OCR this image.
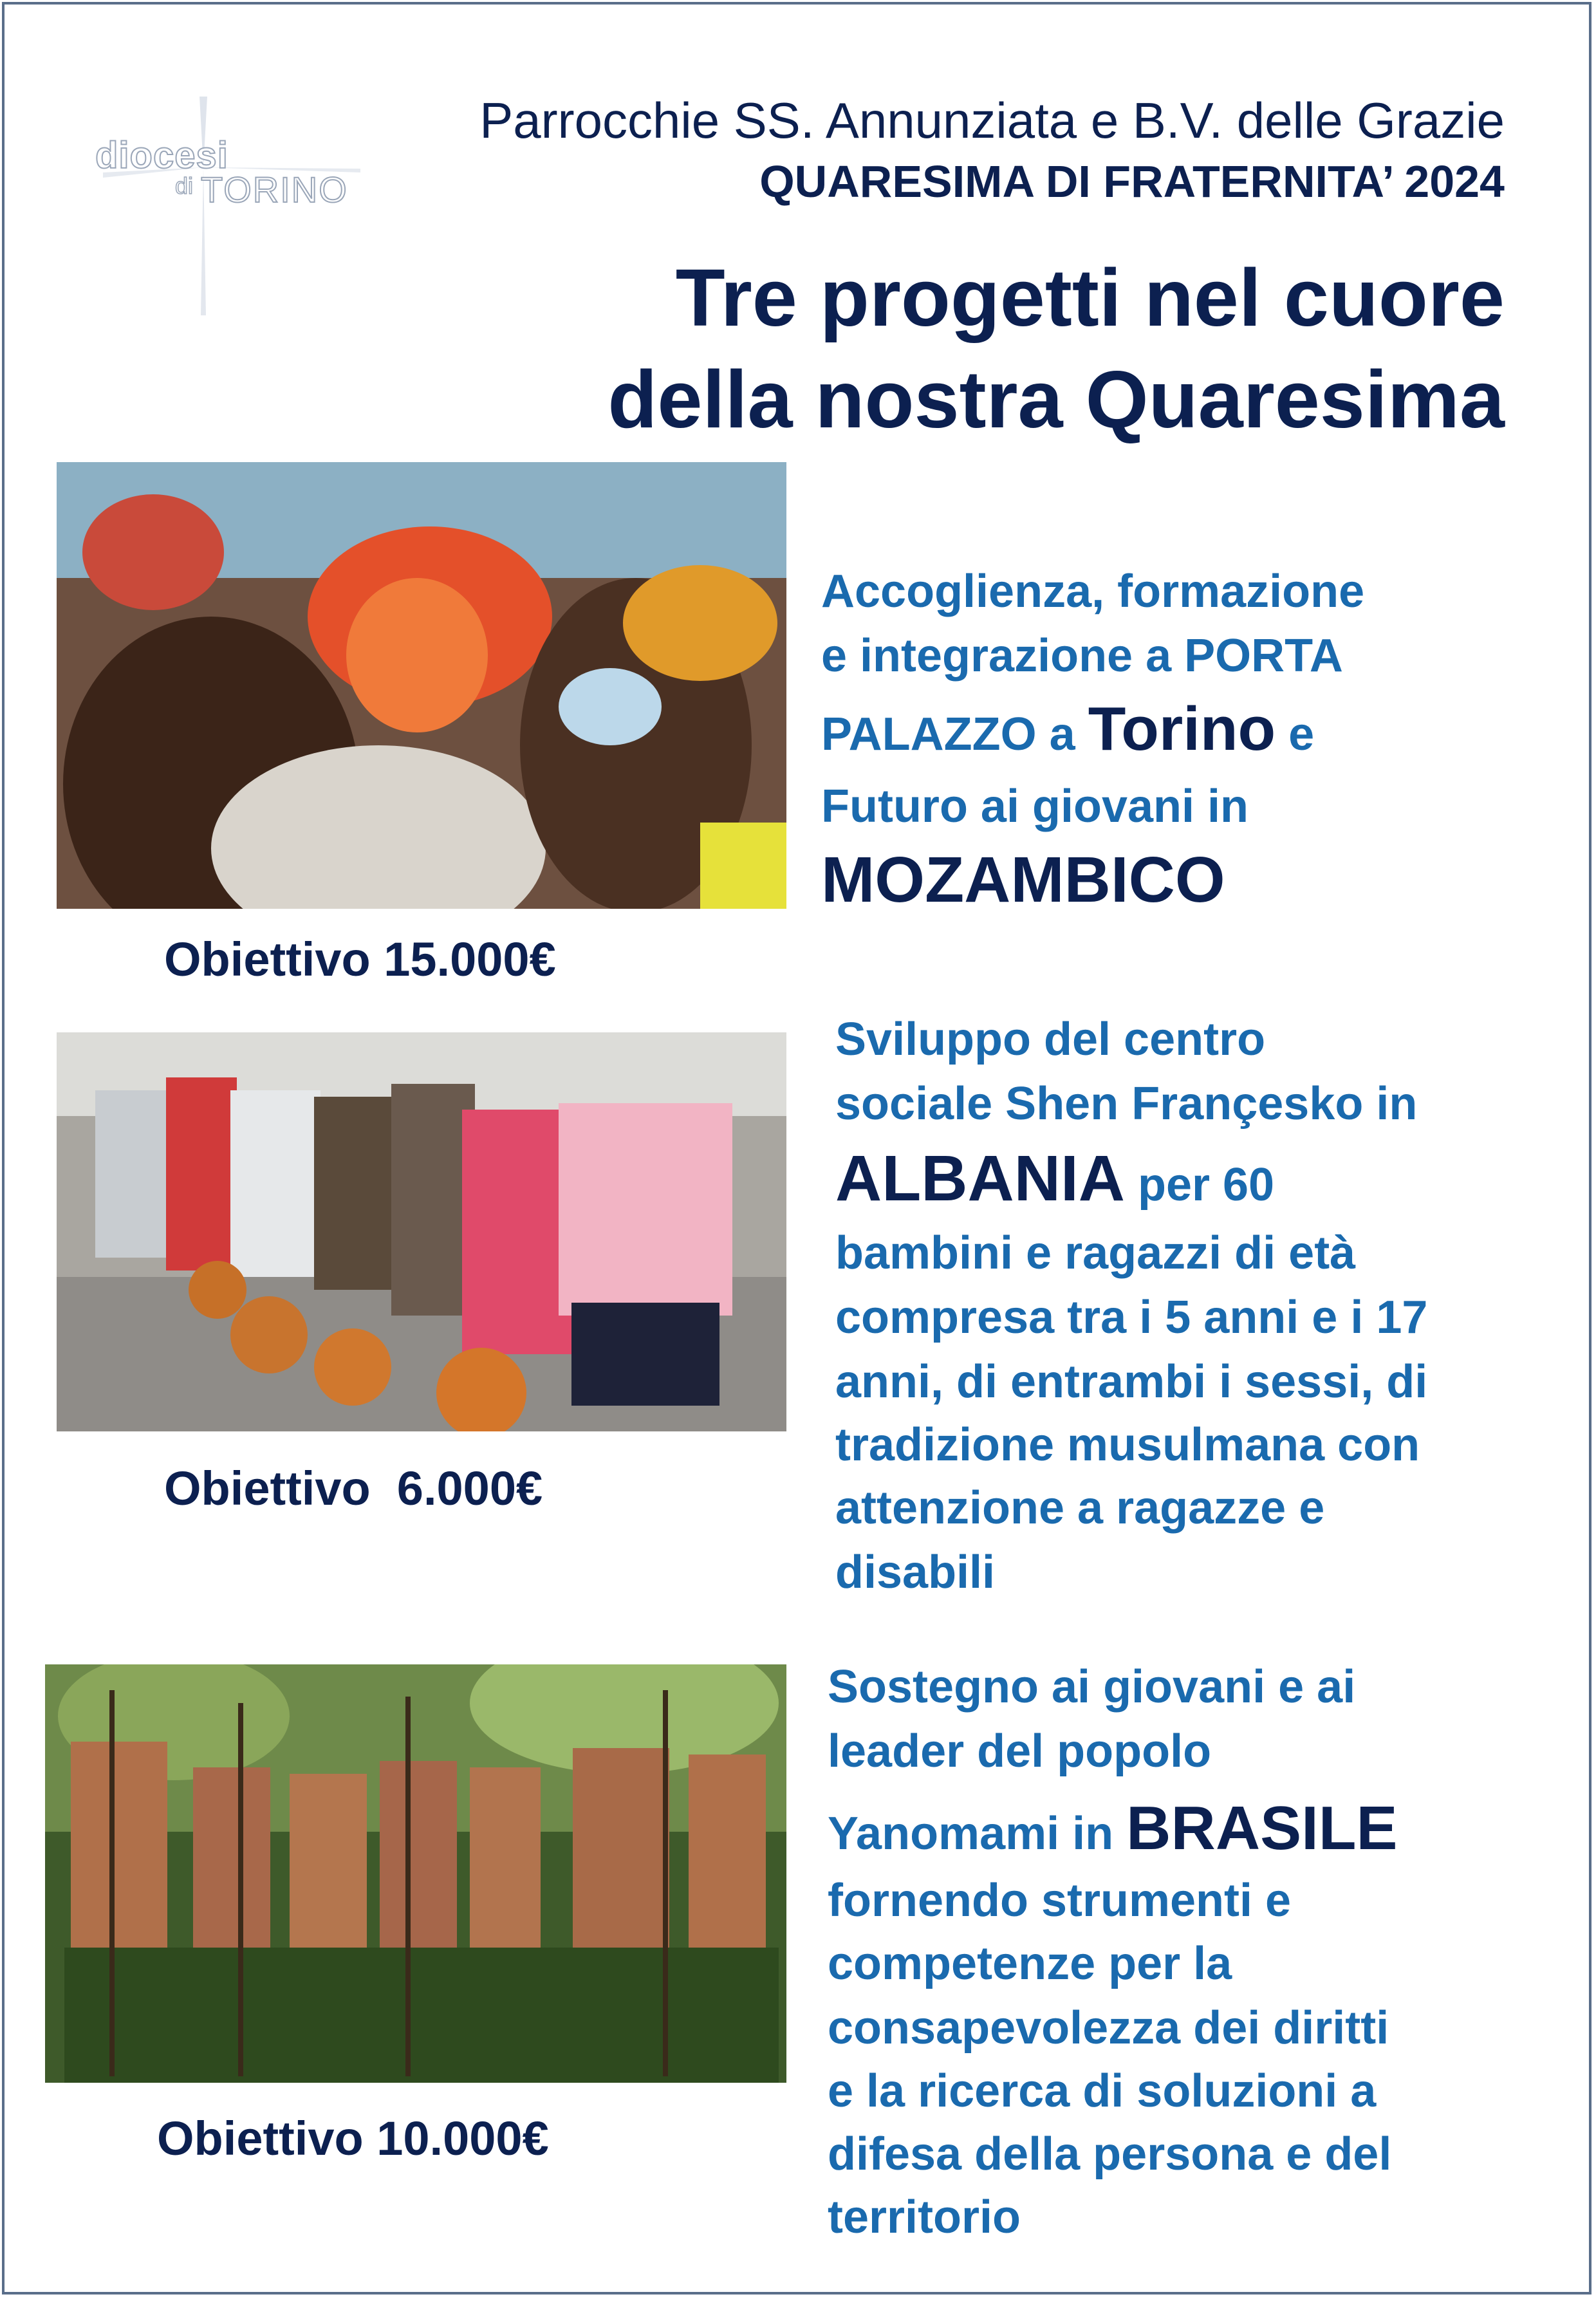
diocesi
di TORINO

Parrocchie SS. Annunziata e B.V. delle Grazie

QUARESIMA DI FRATERNITA’ 2024

Tre progetti nel cuore

della nostra Quaresima

Obiettivo 15.000€

Accoglienza, formazione

e integrazione a PORTA

PALAZZO a Torino e

Futuro ai giovani in

MOZAMBICO

Obiettivo  6.000€

Sviluppo del centro

sociale Shen Françesko in

ALBANIA per 60

bambini e ragazzi di età

compresa tra i 5 anni e i 17

anni, di entrambi i sessi, di

tradizione musulmana con

attenzione a ragazze e

disabili

Obiettivo 10.000€

Sostegno ai giovani e ai

leader del popolo

Yanomami in BRASILE

fornendo strumenti e

competenze per la

consapevolezza dei diritti

e la ricerca di soluzioni a

difesa della persona e del

territorio
